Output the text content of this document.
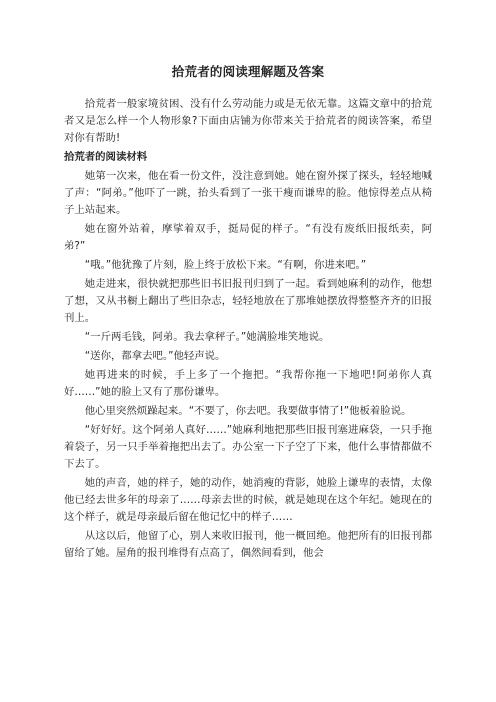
拾荒者的阅读理解题及答案

拾荒者一般家境贫困、没有什么劳动能力或是无依无靠。这篇文章中的拾荒者又是怎么样一个人物形象?下面由店铺为你带来关于拾荒者的阅读答案，希望对你有帮助!

拾荒者的阅读材料

她第一次来，他在看一份文件，没注意到她。她在窗外探了探头，轻轻地喊了声：“阿弟。”他吓了一跳，抬头看到了一张干瘦而谦卑的脸。他惊得差点从椅子上站起来。

她在窗外站着，摩挲着双手，挺局促的样子。“有没有废纸旧报纸卖，阿弟?”

“哦。”他犹豫了片刻，脸上终于放松下来。“有啊，你进来吧。”

她走进来，很快就把那些旧书旧报刊归到了一起。看到她麻利的动作，他想了想，又从书橱上翻出了些旧杂志，轻轻地放在了那堆她摆放得整整齐齐的旧报刊上。

“一斤两毛钱，阿弟。我去拿秤子。”她满脸堆笑地说。

“送你，都拿去吧。”他轻声说。

她再进来的时候，手上多了一个拖把。“我帮你拖一下地吧!阿弟你人真好……”她的脸上又有了那份谦卑。

他心里突然烦躁起来。“不要了，你去吧。我要做事情了!”他板着脸说。

“好好好。这个阿弟人真好……”她麻利地把那些旧报刊塞进麻袋，一只手拖着袋子，另一只手举着拖把出去了。办公室一下子空了下来，他什么事情都做不下去了。

她的声音，她的样子，她的动作，她消瘦的背影，她脸上谦卑的表情，太像他已经去世多年的母亲了……母亲去世的时候，就是她现在这个年纪。她现在的这个样子，就是母亲最后留在他记忆中的样子……

从这以后，他留了心，别人来收旧报刊，他一概回绝。他把所有的旧报刊都留给了她。屋角的报刊堆得有点高了，偶然间看到，他会
